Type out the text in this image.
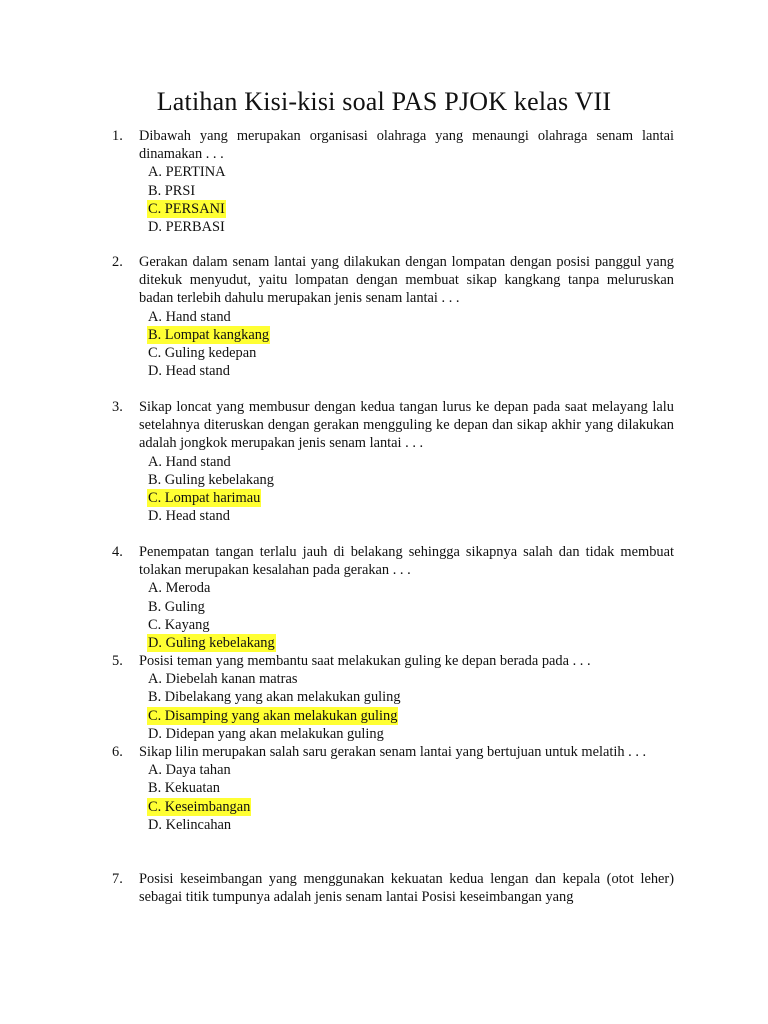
Latihan Kisi-kisi soal PAS PJOK kelas VII
1.	Dibawah yang merupakan organisasi olahraga yang menaungi olahraga senam lantai dinamakan . . .
A. PERTINA
B. PRSI
C. PERSANI
D. PERBASI
2.	Gerakan dalam senam lantai yang dilakukan dengan lompatan dengan posisi panggul yang ditekuk menyudut, yaitu lompatan dengan membuat sikap kangkang tanpa meluruskan badan terlebih dahulu merupakan jenis senam lantai . . .
A. Hand stand
B. Lompat kangkang
C. Guling kedepan
D. Head stand
3.	Sikap loncat yang membusur dengan kedua tangan lurus ke depan pada saat melayang lalu setelahnya diteruskan dengan gerakan mengguling ke depan dan sikap akhir yang dilakukan adalah jongkok merupakan jenis senam lantai . . .
A. Hand stand
B. Guling kebelakang
C. Lompat harimau
D. Head stand
4.	Penempatan tangan terlalu jauh di belakang sehingga sikapnya salah dan tidak membuat tolakan merupakan kesalahan pada gerakan . . .
A. Meroda
B. Guling
C. Kayang
D. Guling kebelakang
5.	Posisi teman yang membantu saat melakukan guling ke depan berada pada . . .
A. Diebelah kanan matras
B. Dibelakang yang akan melakukan guling
C. Disamping yang akan melakukan guling
D. Didepan yang akan melakukan guling
6.	Sikap lilin merupakan salah saru gerakan senam lantai yang bertujuan untuk melatih . . .
A. Daya tahan
B. Kekuatan
C. Keseimbangan
D. Kelincahan
7.	Posisi keseimbangan yang menggunakan kekuatan kedua lengan dan kepala (otot leher) sebagai titik tumpunya adalah jenis senam lantai Posisi keseimbangan yang
